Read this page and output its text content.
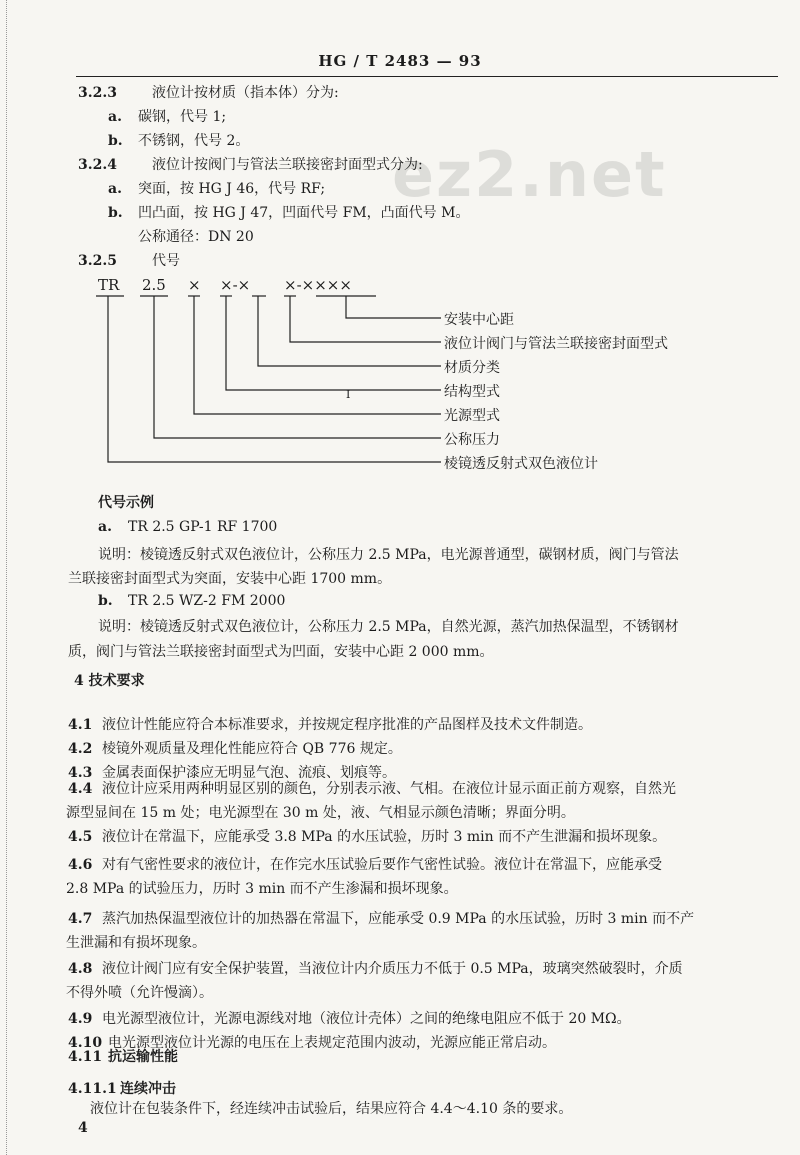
HG / T 2483 — 93
ez2.net
3.2.3	液位计按材质（指本体）分为:
a. 碳钢，代号 1;
b. 不锈钢，代号 2。
3.2.4	液位计按阀门与管法兰联接密封面型式分为:
a. 突面，按 HG J 46，代号 RF;
b. 凹凸面，按 HG J 47，凹面代号 FM，凸面代号 M。
公称通径：DN 20
3.2.5	代号
TR 2.5 × ×-× ×-××××
安装中心距
液位计阀门与管法兰联接密封面型式
材质分类
结构型式
光源型式
公称压力
棱镜透反射式双色液位计
I
代号示例
a. TR 2.5 GP-1 RF 1700
说明：棱镜透反射式双色液位计，公称压力 2.5 MPa，电光源普通型，碳钢材质，阀门与管法
兰联接密封面型式为突面，安装中心距 1700 mm。
b. TR 2.5 WZ-2 FM 2000
说明：棱镜透反射式双色液位计，公称压力 2.5 MPa，自然光源，蒸汽加热保温型，不锈钢材
质，阀门与管法兰联接密封面型式为凹面，安装中心距 2 000 mm。
4 技术要求
4.1 液位计性能应符合本标准要求，并按规定程序批准的产品图样及技术文件制造。
4.2 棱镜外观质量及理化性能应符合 QB 776 规定。
4.3 金属表面保护漆应无明显气泡、流痕、划痕等。
4.4 液位计应采用两种明显区别的颜色，分别表示液、气相。在液位计显示面正前方观察，自然光
源型显间在 15 m 处；电光源型在 30 m 处，液、气相显示颜色清晰；界面分明。
4.5 液位计在常温下，应能承受 3.8 MPa 的水压试验，历时 3 min 而不产生泄漏和损坏现象。
4.6 对有气密性要求的液位计，在作完水压试验后要作气密性试验。液位计在常温下，应能承受
2.8 MPa 的试验压力，历时 3 min 而不产生渗漏和损坏现象。
4.7 蒸汽加热保温型液位计的加热器在常温下，应能承受 0.9 MPa 的水压试验，历时 3 min 而不产
生泄漏和有损坏现象。
4.8 液位计阀门应有安全保护装置，当液位计内介质压力不低于 0.5 MPa，玻璃突然破裂时，介质
不得外喷（允许慢滴）。
4.9 电光源型液位计，光源电源线对地（液位计壳体）之间的绝缘电阻应不低于 20 MΩ。
4.10 电光源型液位计光源的电压在上表规定范围内波动，光源应能正常启动。
4.11 抗运输性能
4.11.1 连续冲击
液位计在包装条件下，经连续冲击试验后，结果应符合 4.4～4.10 条的要求。
4
